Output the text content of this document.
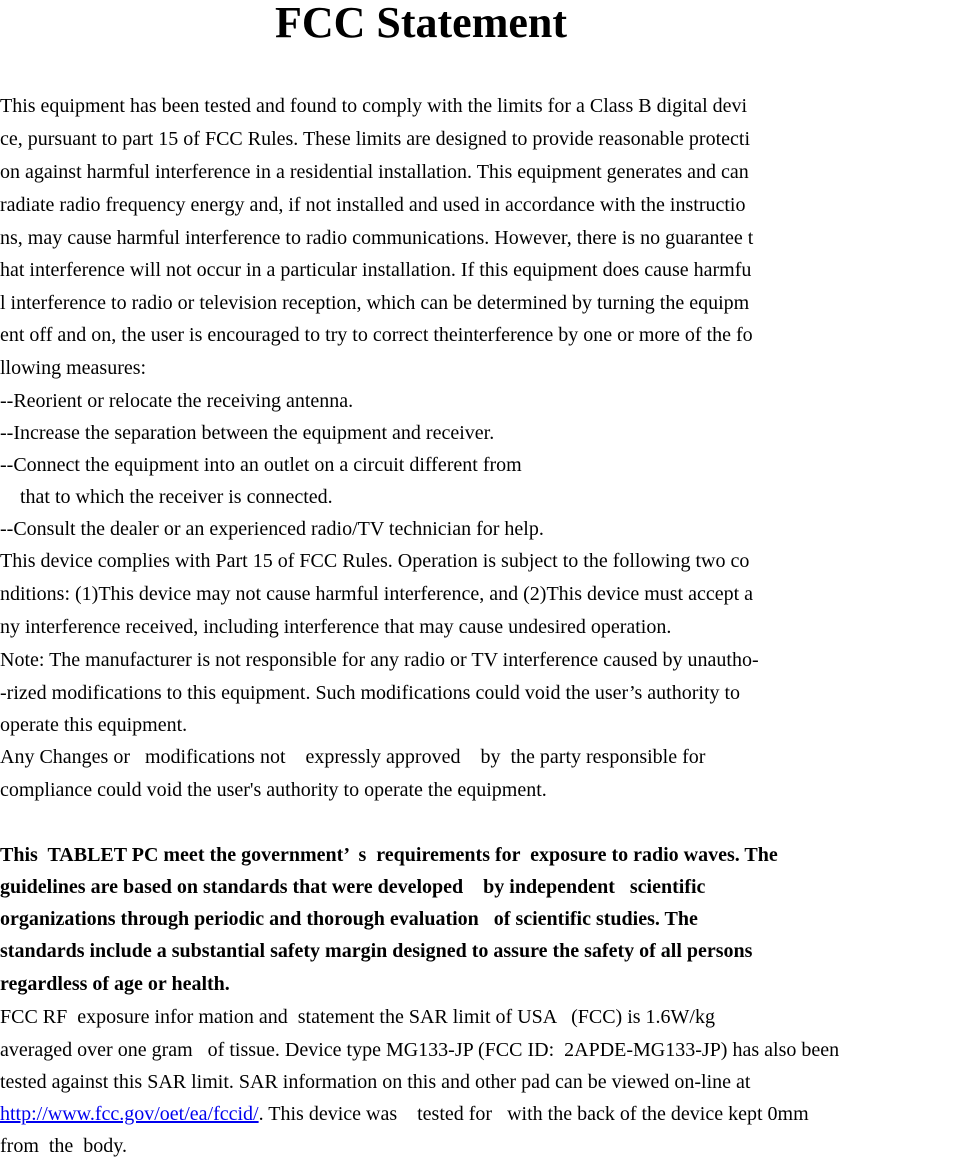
FCC Statement

This equipment has been tested and found to comply with the limits for a Class B digital devi

ce, pursuant to part 15 of FCC Rules. These limits are designed to provide reasonable protecti

on against harmful interference in a residential installation. This equipment generates and can

radiate radio frequency energy and, if not installed and used in accordance with the instructio

ns, may cause harmful interference to radio communications. However, there is no guarantee t

hat interference will not occur in a particular installation. If this equipment does cause harmfu

l interference to radio or television reception, which can be determined by turning the equipm

ent off and on, the user is encouraged to try to correct theinterference by one or more of the fo

llowing measures:

--Reorient or relocate the receiving antenna.

--Increase the separation between the equipment and receiver.

--Connect the equipment into an outlet on a circuit different from

that to which the receiver is connected.

--Consult the dealer or an experienced radio/TV technician for help.

This device complies with Part 15 of FCC Rules. Operation is subject to the following two co

nditions: (1)This device may not cause harmful interference, and (2)This device must accept a

ny interference received, including interference that may cause undesired operation.

Note: The manufacturer is not responsible for any radio or TV interference caused by unautho-

-rized modifications to this equipment. Such modifications could void the user’s authority to

operate this equipment.

Any Changes or   modifications not    expressly approved    by  the party responsible for

compliance could void the user's authority to operate the equipment.

This  TABLET PC meet the government’  s  requirements for  exposure to radio waves. The

guidelines are based on standards that were developed    by independent   scientific

organizations through periodic and thorough evaluation   of scientific studies. The

standards include a substantial safety margin designed to assure the safety of all persons

regardless of age or health.

FCC RF  exposure infor mation and  statement the SAR limit of USA   (FCC) is 1.6W/kg

averaged over one gram   of tissue. Device type MG133-JP (FCC ID:  2APDE-MG133-JP) has also been

tested against this SAR limit. SAR information on this and other pad can be viewed on-line at

http://www.fcc.gov/oet/ea/fccid/. This device was    tested for   with the back of the device kept 0mm

from  the  body.
